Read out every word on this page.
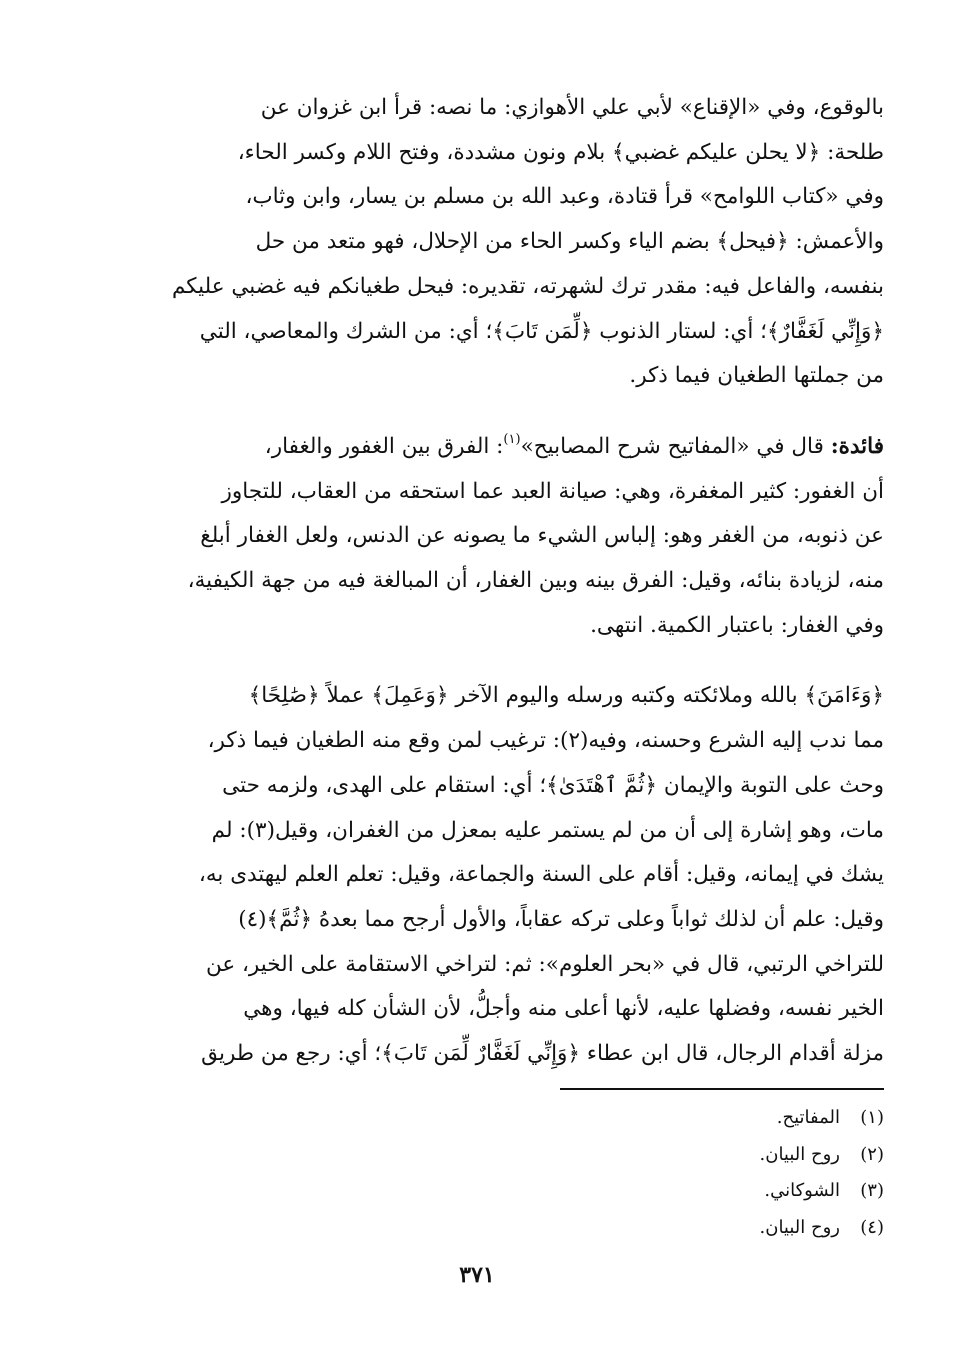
بالوقوع، وفي «الإقناع» لأبي علي الأهوازي: ما نصه: قرأ ابن غزوان عن
طلحة: ﴿لا يحلن عليكم غضبي﴾ بلام ونون مشددة، وفتح اللام وكسر الحاء،
وفي «كتاب اللوامح» قرأ قتادة، وعبد الله بن مسلم بن يسار، وابن وثاب،
والأعمش: ﴿فيحل﴾ بضم الياء وكسر الحاء من الإحلال، فهو متعد من حل
بنفسه، والفاعل فيه: مقدر ترك لشهرته، تقديره: فيحل طغيانكم فيه غضبي عليكم
﴿وَإِنِّي لَغَفَّارٌ﴾؛ أي: لستار الذنوب ﴿لِّمَن تَابَ﴾؛ أي: من الشرك والمعاصي، التي
من جملتها الطغيان فيما ذكر.
فائدة: قال في «المفاتيح شرح المصابيح»$^{(١)}$: الفرق بين الغفور والغفار،
أن الغفور: كثير المغفرة، وهي: صيانة العبد عما استحقه من العقاب، للتجاوز
عن ذنوبه، من الغفر وهو: إلباس الشيء ما يصونه عن الدنس، ولعل الغفار أبلغ
منه، لزيادة بنائه، وقيل: الفرق بينه وبين الغفار، أن المبالغة فيه من جهة الكيفية،
وفي الغفار: باعتبار الكمية. انتهى.
﴿وَءَامَنَ﴾ بالله وملائكته وكتبه ورسله واليوم الآخر ﴿وَعَمِلَ﴾ عملاً ﴿صَٰلِحًا﴾
مما ندب إليه الشرع وحسنه، وفيه(٢): ترغيب لمن وقع منه الطغيان فيما ذكر،
وحث على التوبة والإيمان ﴿ثُمَّ ٱهْتَدَىٰ﴾؛ أي: استقام على الهدى، ولزمه حتى
مات، وهو إشارة إلى أن من لم يستمر عليه بمعزل من الغفران، وقيل(٣): لم
يشك في إيمانه، وقيل: أقام على السنة والجماعة، وقيل: تعلم العلم ليهتدى به،
وقيل: علم أن لذلك ثواباً وعلى تركه عقاباً، والأول أرجح مما بعدهُ ﴿ثُمَّ﴾(٤)
للتراخي الرتبي، قال في «بحر العلوم»: ثم: لتراخي الاستقامة على الخير، عن
الخير نفسه، وفضلها عليه، لأنها أعلى منه وأجلُّ، لأن الشأن كله فيها، وهي
مزلة أقدام الرجال، قال ابن عطاء ﴿وَإِنِّي لَغَفَّارٌ لِّمَن تَابَ﴾؛ أي: رجع من طريق
(١)المفاتيح.
(٢)روح البيان.
(٣)الشوكاني.
(٤)روح البيان.
٣٧١
